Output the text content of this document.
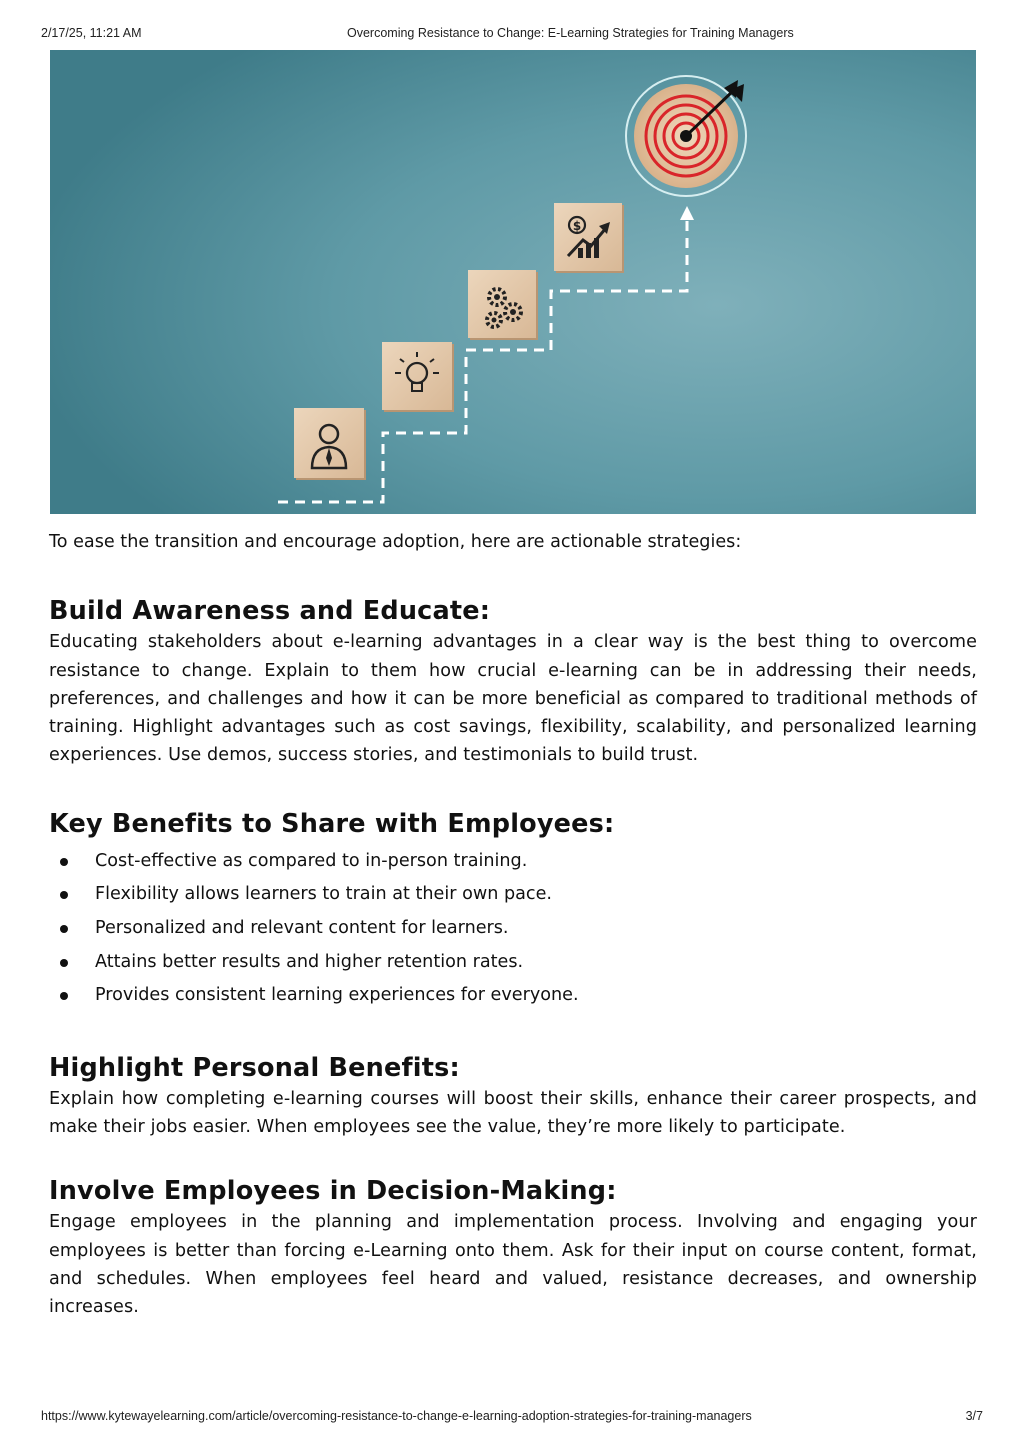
2/17/25, 11:21 AM	Overcoming Resistance to Change: E-Learning Strategies for Training Managers
$

To ease the transition and encourage adoption, here are actionable strategies:

Build Awareness and Educate:

Educating stakeholders about e-learning advantages in a clear way is the best thing to overcome resistance to change. Explain to them how crucial e-learning can be in addressing their needs, preferences, and challenges and how it can be more beneficial as compared to traditional methods of training. Highlight advantages such as cost savings, flexibility, scalability, and personalized learning experiences. Use demos, success stories, and testimonials to build trust.

Key Benefits to Share with Employees:
Cost-effective as compared to in-person training.
Flexibility allows learners to train at their own pace.
Personalized and relevant content for learners.
Attains better results and higher retention rates.
Provides consistent learning experiences for everyone.
Highlight Personal Benefits:

Explain how completing e-learning courses will boost their skills, enhance their career prospects, and make their jobs easier. When employees see the value, they’re more likely to participate.

Involve Employees in Decision-Making:

Engage employees in the planning and implementation process. Involving and engaging your employees is better than forcing e-Learning onto them. Ask for their input on course content, format, and schedules. When employees feel heard and valued, resistance decreases, and ownership increases.

https://www.kytewayelearning.com/article/overcoming-resistance-to-change-e-learning-adoption-strategies-for-training-managers	3/7
